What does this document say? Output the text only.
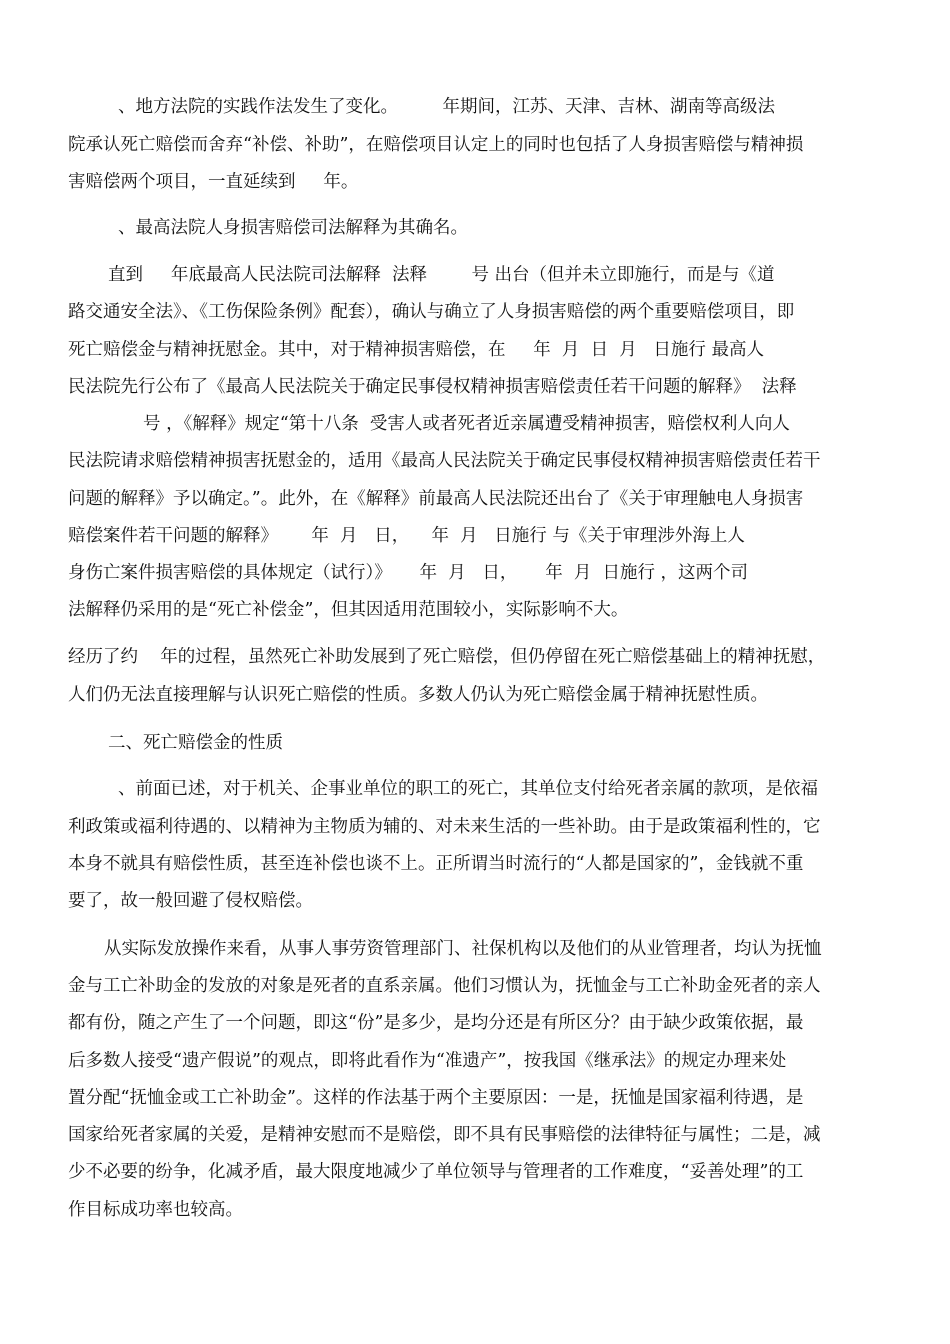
、地方法院的实践作法发生了变化。        年期间，江苏、天津、吉林、湖南等高级法

院承认死亡赔偿而舍弃“补偿、补助”，在赔偿项目认定上的同时也包括了人身损害赔偿与精神损

害赔偿两个项目，一直延续到     年。

、最高法院人身损害赔偿司法解释为其确名。

直到     年底最高人民法院司法解释  法释        号 出台（但并未立即施行，而是与《道

路交通安全法》、《工伤保险条例》配套），确认与确立了人身损害赔偿的两个重要赔偿项目，即

死亡赔偿金与精神抚慰金。其中，对于精神损害赔偿，在     年  月  日  月   日施行 最高人

民法院先行公布了《最高人民法院关于确定民事侵权精神损害赔偿责任若干问题的解释》  法释

号 ，《解释》规定“第十八条  受害人或者死者近亲属遭受精神损害，赔偿权利人向人

民法院请求赔偿精神损害抚慰金的，适用《最高人民法院关于确定民事侵权精神损害赔偿责任若干

问题的解释》予以确定。”。此外，在《解释》前最高人民法院还出台了《关于审理触电人身损害

赔偿案件若干问题的解释》      年  月   日，    年  月   日施行 与《关于审理涉外海上人

身伤亡案件损害赔偿的具体规定（试行）》     年  月   日，     年  月  日施行 ，这两个司

法解释仍采用的是“死亡补偿金”，但其因适用范围较小，实际影响不大。

经历了约    年的过程，虽然死亡补助发展到了死亡赔偿，但仍停留在死亡赔偿基础上的精神抚慰，

人们仍无法直接理解与认识死亡赔偿的性质。多数人仍认为死亡赔偿金属于精神抚慰性质。

二、死亡赔偿金的性质

、前面已述，对于机关、企事业单位的职工的死亡，其单位支付给死者亲属的款项，是依福

利政策或福利待遇的、以精神为主物质为辅的、对未来生活的一些补助。由于是政策福利性的，它

本身不就具有赔偿性质，甚至连补偿也谈不上。正所谓当时流行的“人都是国家的”，金钱就不重

要了，故一般回避了侵权赔偿。

从实际发放操作来看，从事人事劳资管理部门、社保机构以及他们的从业管理者，均认为抚恤

金与工亡补助金的发放的对象是死者的直系亲属。他们习惯认为，抚恤金与工亡补助金死者的亲人

都有份，随之产生了一个问题，即这“份”是多少，是均分还是有所区分？由于缺少政策依据，最

后多数人接受“遗产假说”的观点，即将此看作为“准遗产”，按我国《继承法》的规定办理来处

置分配“抚恤金或工亡补助金”。这样的作法基于两个主要原因：一是，抚恤是国家福利待遇，是

国家给死者家属的关爱，是精神安慰而不是赔偿，即不具有民事赔偿的法律特征与属性；二是，减

少不必要的纷争，化减矛盾，最大限度地减少了单位领导与管理者的工作难度，“妥善处理”的工

作目标成功率也较高。
